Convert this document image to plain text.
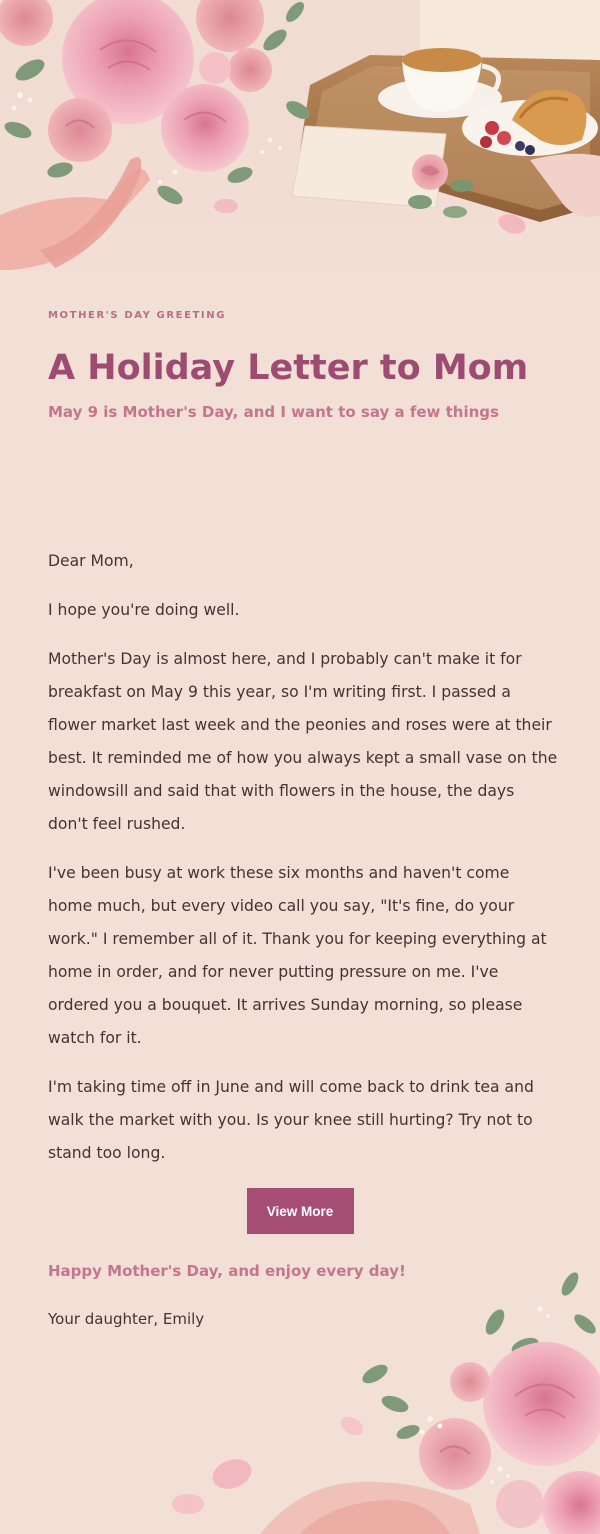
MOTHER'S DAY GREETING

A Holiday Letter to Mom

May 9 is Mother's Day, and I want to say a few things

Dear Mom,

I hope you're doing well.

Mother's Day is almost here, and I probably can't make it for breakfast on May 9 this year, so I'm writing first. I passed a flower market last week and the peonies and roses were at their best. It reminded me of how you always kept a small vase on the windowsill and said that with flowers in the house, the days don't feel rushed.

I've been busy at work these six months and haven't come home much, but every video call you say, "It's fine, do your work." I remember all of it. Thank you for keeping everything at home in order, and for never putting pressure on me. I've ordered you a bouquet. It arrives Sunday morning, so please watch for it.

I'm taking time off in June and will come back to drink tea and walk the market with you. Is your knee still hurting? Try not to stand too long.

View More

Happy Mother's Day, and enjoy every day!

Your daughter, Emily
